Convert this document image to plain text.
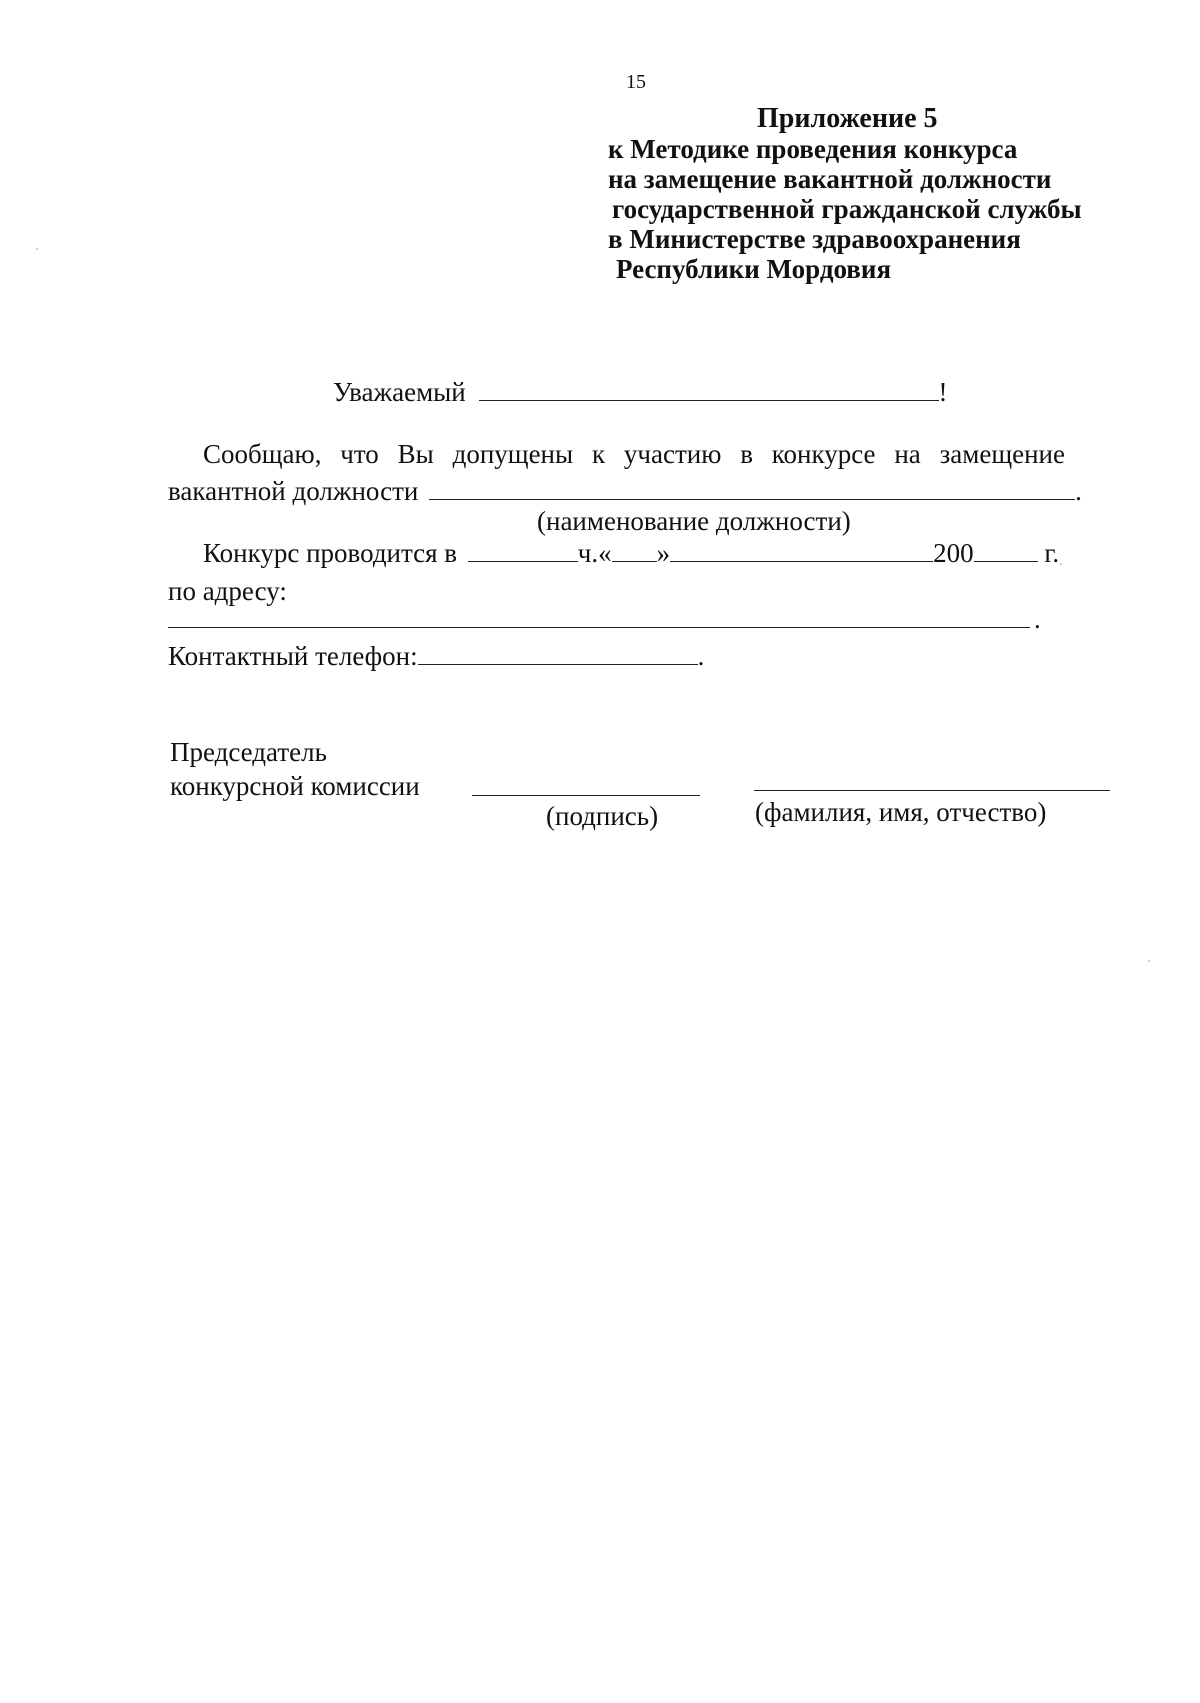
15
Приложение 5
к Методике проведения конкурса
на замещение вакантной должности
государственной гражданской службы
в Министерстве здравоохранения
Республики Мордовия
Уважаемый	!
Сообщаю, что Вы допущены к участию в конкурсе на замещение
вакантной должности	.
(наименование должности)
Конкурс проводится в	ч.« »	200	г.
по адресу:
.
Контактный телефон:	.
Председатель
конкурсной комиссии
(подпись)	(фамилия, имя, отчество)
